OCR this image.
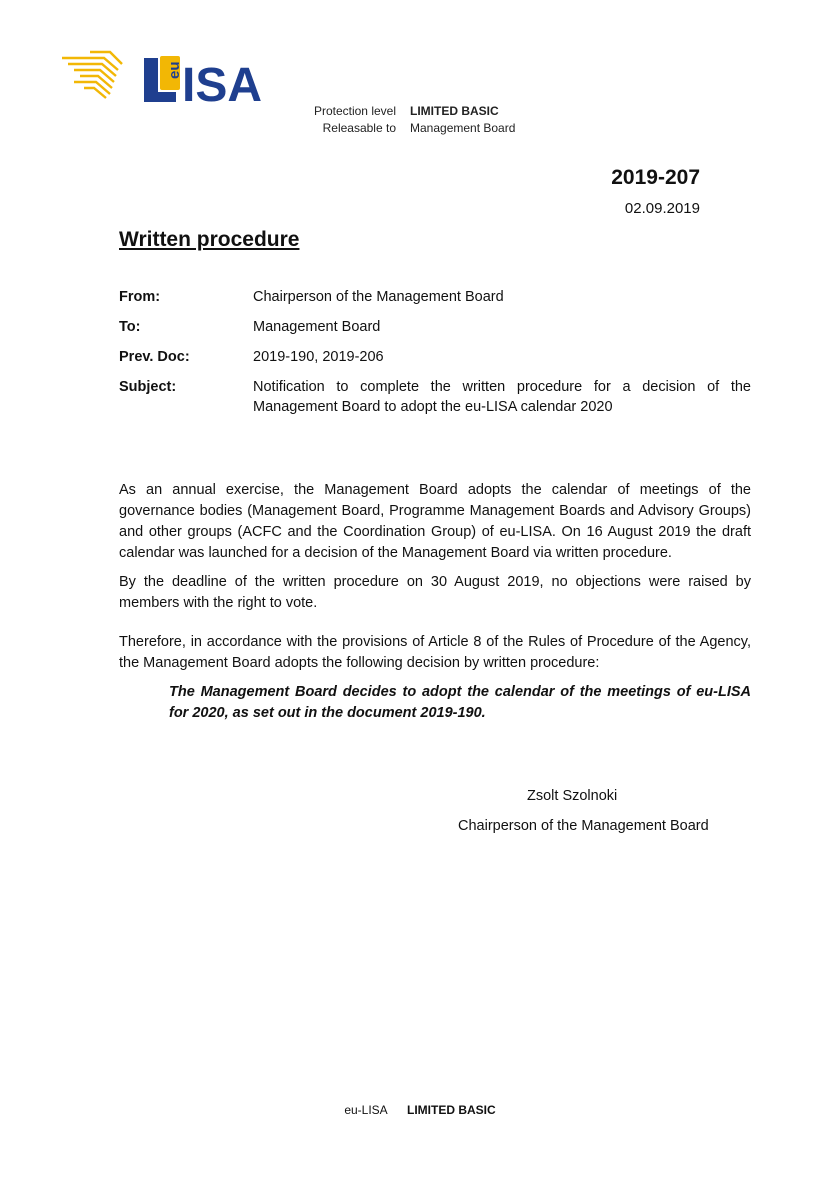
eu ISA	Protection level	LIMITED BASIC
Releasable to	Management Board
2019-207
02.09.2019
Written procedure
From:	Chairperson of the Management Board
To:	Management Board
Prev. Doc:	2019-190, 2019-206
Subject:	Notification to complete the written procedure for a decision of the Management Board to adopt the eu-LISA calendar 2020

As an annual exercise, the Management Board adopts the calendar of meetings of the governance bodies (Management Board, Programme Management Boards and Advisory Groups) and other groups (ACFC and the Coordination Group) of eu-LISA. On 16 August 2019 the draft calendar was launched for a decision of the Management Board via written procedure.

By the deadline of the written procedure on 30 August 2019, no objections were raised by members with the right to vote.

Therefore, in accordance with the provisions of Article 8 of the Rules of Procedure of the Agency, the Management Board adopts the following decision by written procedure:

The Management Board decides to adopt the calendar of the meetings of eu-LISA for 2020, as set out in the document 2019-190.

Zsolt Szolnoki
Chairperson of the Management Board
eu-LISA LIMITED BASIC
